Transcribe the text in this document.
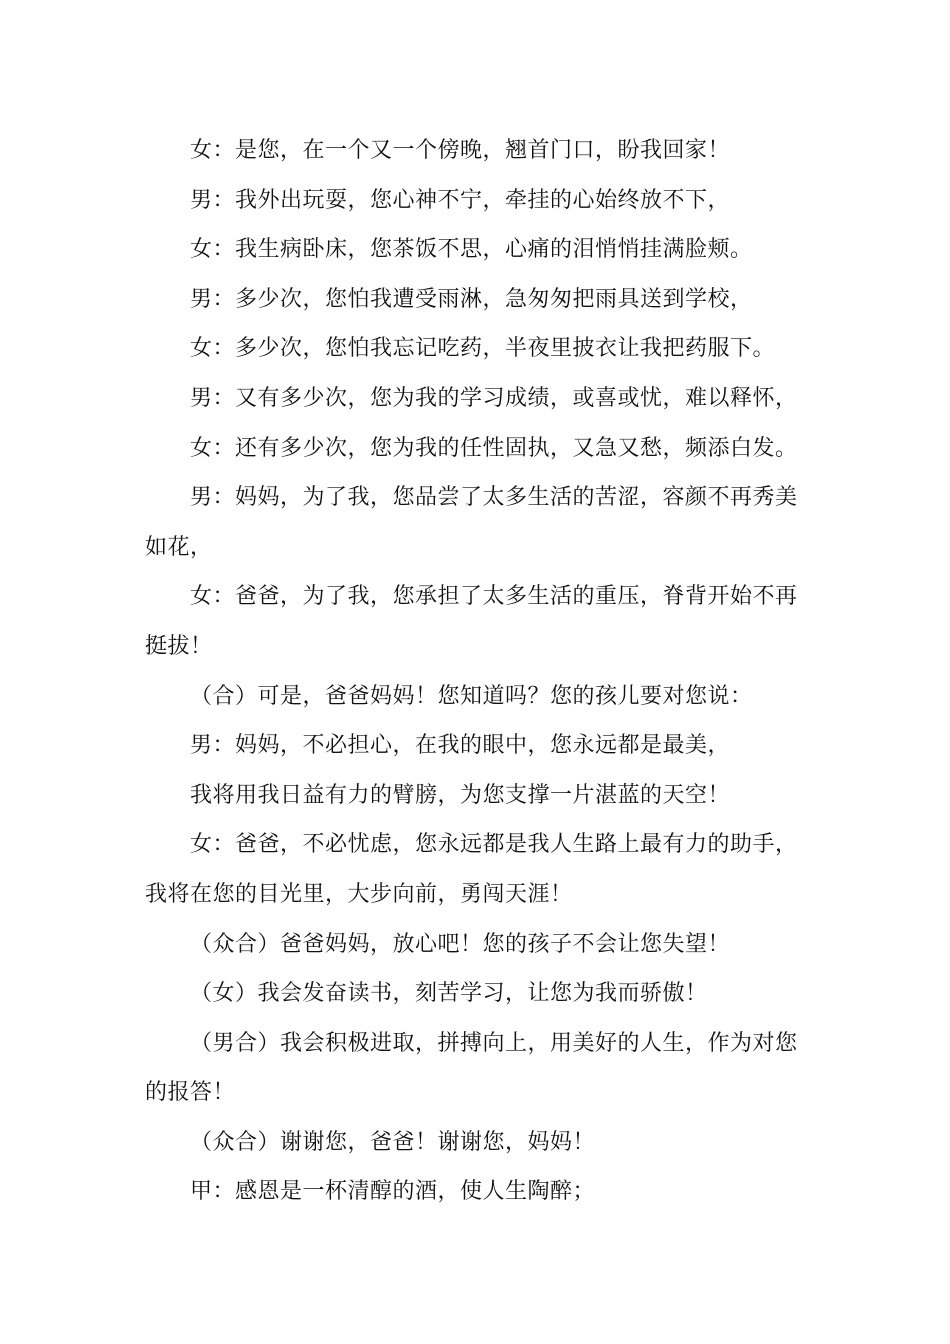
女：是您，在一个又一个傍晚，翘首门口，盼我回家！
男：我外出玩耍，您心神不宁，牵挂的心始终放不下，
女：我生病卧床，您茶饭不思，心痛的泪悄悄挂满脸颊。
男：多少次，您怕我遭受雨淋，急匆匆把雨具送到学校，
女：多少次，您怕我忘记吃药，半夜里披衣让我把药服下。
男：又有多少次，您为我的学习成绩，或喜或忧，难以释怀，
女：还有多少次，您为我的任性固执，又急又愁，频添白发。
男：妈妈，为了我，您品尝了太多生活的苦涩，容颜不再秀美
如花，
女：爸爸，为了我，您承担了太多生活的重压，脊背开始不再
挺拔！
（合）可是，爸爸妈妈！您知道吗？您的孩儿要对您说：
男：妈妈，不必担心，在我的眼中，您永远都是最美，
我将用我日益有力的臂膀，为您支撑一片湛蓝的天空！
女：爸爸，不必忧虑，您永远都是我人生路上最有力的助手，
我将在您的目光里，大步向前，勇闯天涯！
（众合）爸爸妈妈，放心吧！您的孩子不会让您失望！
（女）我会发奋读书，刻苦学习，让您为我而骄傲！
（男合）我会积极进取，拼搏向上，用美好的人生，作为对您
的报答！
（众合）谢谢您，爸爸！谢谢您，妈妈！
甲：感恩是一杯清醇的酒，使人生陶醉；
